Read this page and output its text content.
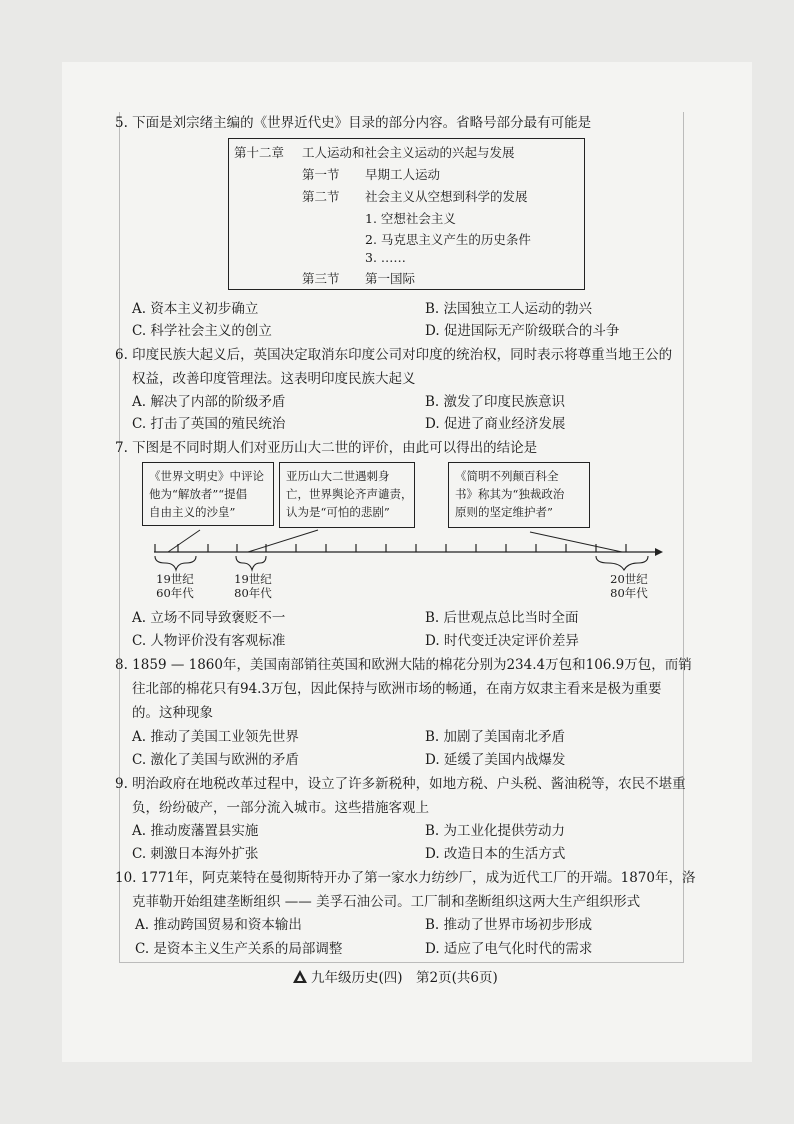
5. 下面是刘宗绪主编的《世界近代史》目录的部分内容。省略号部分最有可能是
第十二章 工人运动和社会主义运动的兴起与发展
第一节 早期工人运动
第二节 社会主义从空想到科学的发展
1. 空想社会主义
2. 马克思主义产生的历史条件
3. ……
第三节 第一国际
A. 资本主义初步确立	B. 法国独立工人运动的勃兴
C. 科学社会主义的创立	D. 促进国际无产阶级联合的斗争
6. 印度民族大起义后，英国决定取消东印度公司对印度的统治权，同时表示将尊重当地王公的
权益，改善印度管理法。这表明印度民族大起义
A. 解决了内部的阶级矛盾	B. 激发了印度民族意识
C. 打击了英国的殖民统治	D. 促进了商业经济发展
7. 下图是不同时期人们对亚历山大二世的评价，由此可以得出的结论是
《世界文明史》中评论
他为“解放者”“提倡
自由主义的沙皇”
亚历山大二世遇刺身
亡，世界舆论齐声谴责，
认为是“可怕的悲剧”
《简明不列颠百科全
书》称其为“独裁政治
原则的坚定维护者”
19世纪
60年代
19世纪
80年代
20世纪
80年代
A. 立场不同导致褒贬不一	B. 后世观点总比当时全面
C. 人物评价没有客观标准	D. 时代变迁决定评价差异
8. 1859 — 1860年，美国南部销往英国和欧洲大陆的棉花分别为234.4万包和106.9万包，而销
往北部的棉花只有94.3万包，因此保持与欧洲市场的畅通，在南方奴隶主看来是极为重要
的。这种现象
A. 推动了美国工业领先世界	B. 加剧了美国南北矛盾
C. 激化了美国与欧洲的矛盾	D. 延缓了美国内战爆发
9. 明治政府在地税改革过程中，设立了许多新税种，如地方税、户头税、酱油税等，农民不堪重
负，纷纷破产，一部分流入城市。这些措施客观上
A. 推动废藩置县实施	B. 为工业化提供劳动力
C. 刺激日本海外扩张	D. 改造日本的生活方式
10. 1771年，阿克莱特在曼彻斯特开办了第一家水力纺纱厂，成为近代工厂的开端。1870年，洛
克菲勒开始组建垄断组织 —— 美孚石油公司。工厂制和垄断组织这两大生产组织形式
A. 推动跨国贸易和资本输出	B. 推动了世界市场初步形成
C. 是资本主义生产关系的局部调整	D. 适应了电气化时代的需求
九年级历史(四)　第2页(共6页)
